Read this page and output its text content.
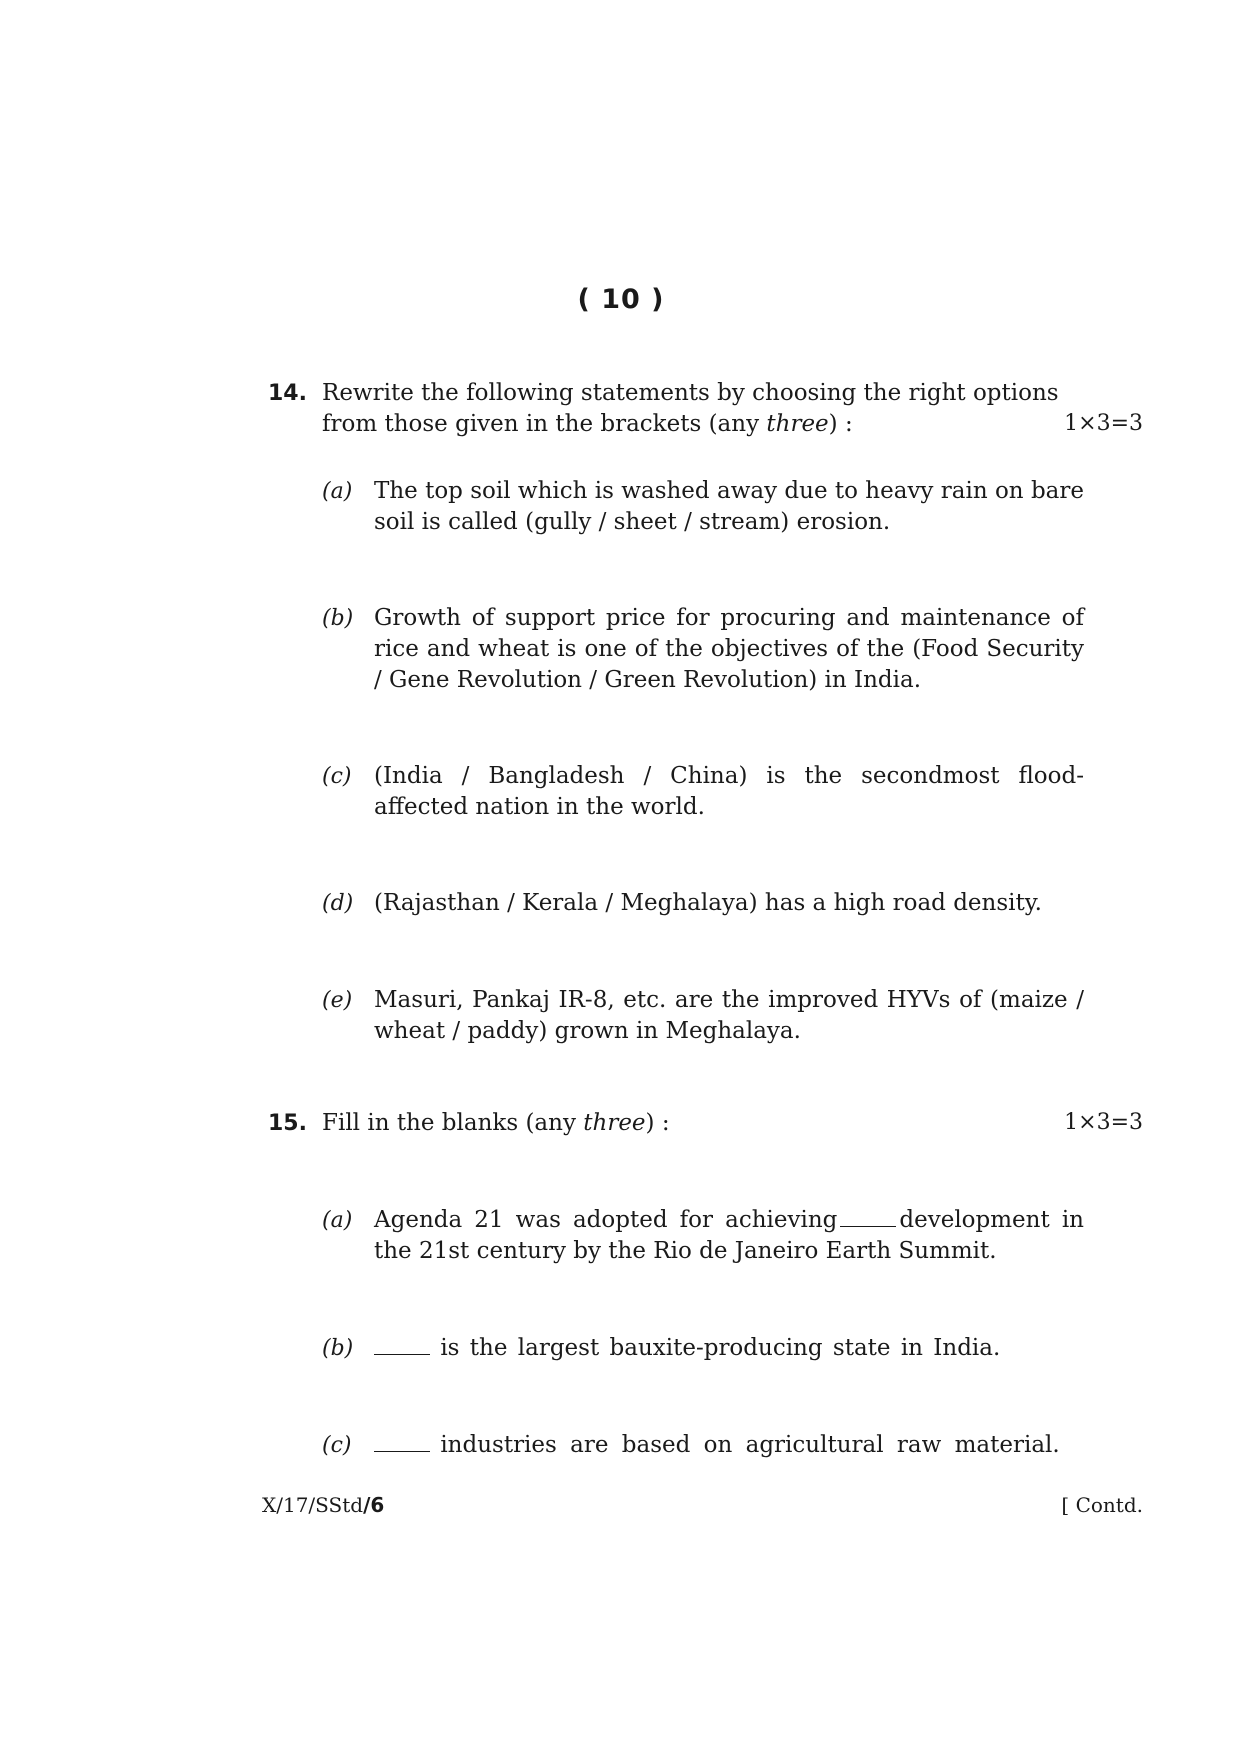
( 10 )
14. Rewrite the following statements by choosing the right options
from those given in the brackets (any three) :	1×3=3
(a) The top soil which is washed away due to heavy rain on bare soil is called (gully / sheet / stream) erosion.
(b) Growth of support price for procuring and maintenance of rice and wheat is one of the objectives of the (Food Security / Gene Revolution / Green Revolution) in India.
(c) (India / Bangladesh / China) is the secondmost flood-affected nation in the world.
(d) (Rajasthan / Kerala / Meghalaya) has a high road density.
(e) Masuri, Pankaj IR-8, etc. are the improved HYVs of (maize / wheat / paddy) grown in Meghalaya.
15. Fill in the blanks (any three) :	1×3=3
(a) Agenda 21 was adopted for achieving	development in the 21st century by the Rio de Janeiro Earth Summit.
(b)	is the largest bauxite-producing state in India.
(c)	industries are based on agricultural raw material.
X/17/SStd/6	[ Contd.
